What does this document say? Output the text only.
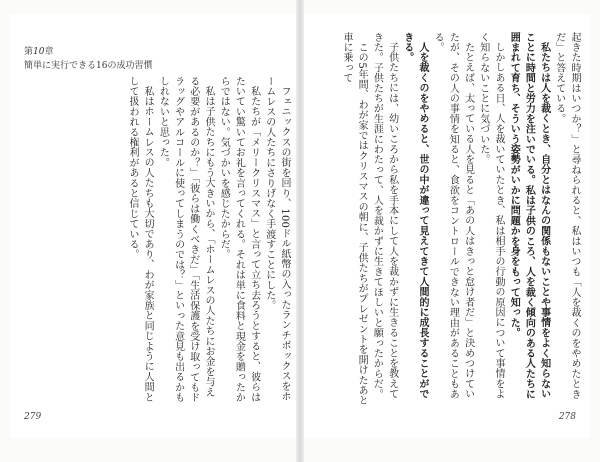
第10章
簡単に実行できる16の成功習慣

フェニックスの街を回り、100ドル紙幣の入ったランチボックスをホームレスの人たちにさりげなく手渡すことにした。

私たちが「メリークリスマス」と言って立ち去ろうとすると、彼らはたいてい驚いてお礼を言ってくれる。それは単に食料と現金を贈ったからではない。気づかいを感じたからだ。

私は子供たちにもう大きいから、「ホームレスの人たちにお金を与える必要があるのか？」「彼らは働くべきだ」「生活保護を受け取ってもドラッグやアルコールに使ってしまうのでは？」といった意見も出るかもしれないと思った。

私はホームレスの人たちも大切であり、わが家族と同じように人間として扱われる権利があると信じている。

279

起きた時期はいつか？」と尋ねられると、私はいつも「人を裁くのをやめたときだ」と答えている。

私たちは人を裁くとき、自分とはなんの関係もないことや事情をよく知らないことに時間と労力を注いでいる。私は子供のころ、人を裁く傾向のある人たちに囲まれて育ち、そういう姿勢がいかに問題かを身をもって知った。

しかしある日、人を裁いていたとき、私は相手の行動の原因について事情をよく知らないことに気づいた。

たとえば、太っている人を見ると「あの人はきっと怠け者だ」と決めつけていたが、その人の事情を知ると、食欲をコントロールできない理由があることもある。

人を裁くのをやめると、世の中が違って見えてきて人間的に成長することができる。

子供たちには、幼いころから私を手本にして人を裁かずに生きることを教えてきた。子供たちが生涯にわたって、人を裁かずに生きてほしいと願ったからだ。

この5年間、わが家ではクリスマスの朝に、子供たちがプレゼントを開けたあと車に乗って

278
